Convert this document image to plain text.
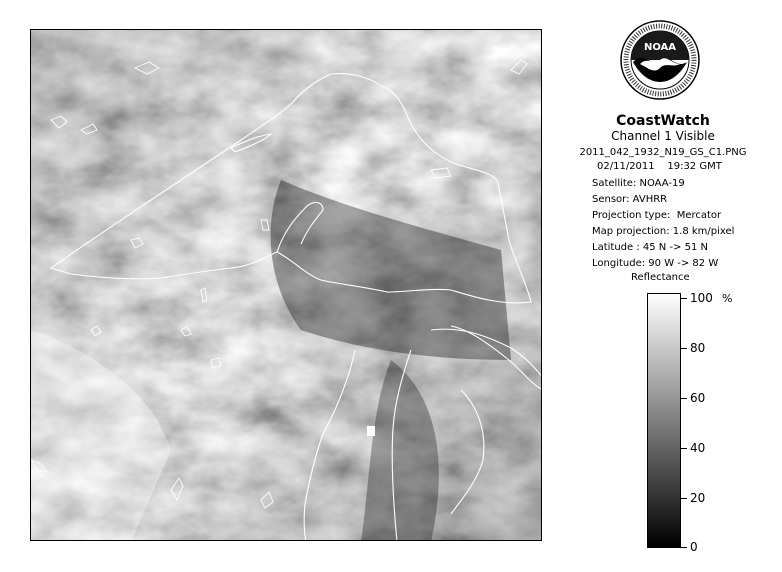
NOAA
CoastWatch
Channel 1 Visible
2011_042_1932_N19_GS_C1.PNG
02/11/2011    19:32 GMT
Satellite: NOAA-19
Sensor: AVHRR
Projection type:  Mercator
Map projection: 1.8 km/pixel
Latitude : 45 N -> 51 N
Longitude: 90 W -> 82 W
Reflectance
%
100
80
60
40
20
0
